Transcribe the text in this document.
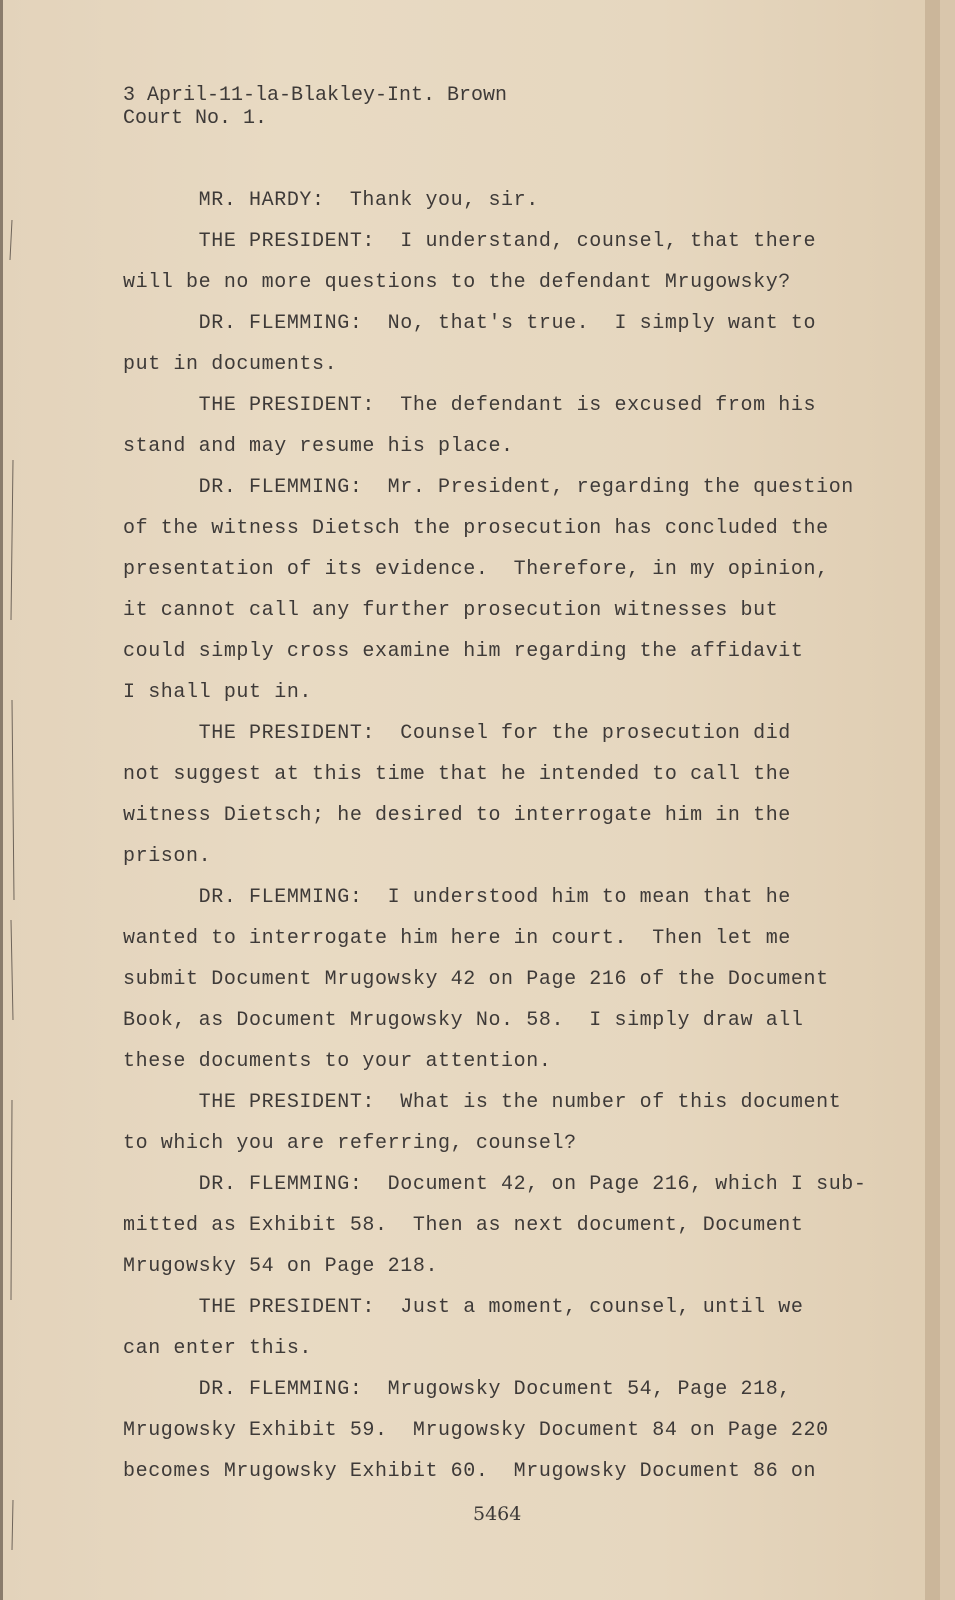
3 April-11-la-Blakley-Int. Brown
Court No. 1.
MR. HARDY:  Thank you, sir.
THE PRESIDENT:  I understand, counsel, that there
will be no more questions to the defendant Mrugowsky?
DR. FLEMMING:  No, that's true.  I simply want to
put in documents.
THE PRESIDENT:  The defendant is excused from his
stand and may resume his place.
DR. FLEMMING:  Mr. President, regarding the question
of the witness Dietsch the prosecution has concluded the
presentation of its evidence.  Therefore, in my opinion,
it cannot call any further prosecution witnesses but
could simply cross examine him regarding the affidavit
I shall put in.
THE PRESIDENT:  Counsel for the prosecution did
not suggest at this time that he intended to call the
witness Dietsch; he desired to interrogate him in the
prison.
DR. FLEMMING:  I understood him to mean that he
wanted to interrogate him here in court.  Then let me
submit Document Mrugowsky 42 on Page 216 of the Document
Book, as Document Mrugowsky No. 58.  I simply draw all
these documents to your attention.
THE PRESIDENT:  What is the number of this document
to which you are referring, counsel?
DR. FLEMMING:  Document 42, on Page 216, which I sub-
mitted as Exhibit 58.  Then as next document, Document
Mrugowsky 54 on Page 218.
THE PRESIDENT:  Just a moment, counsel, until we
can enter this.
DR. FLEMMING:  Mrugowsky Document 54, Page 218,
Mrugowsky Exhibit 59.  Mrugowsky Document 84 on Page 220
becomes Mrugowsky Exhibit 60.  Mrugowsky Document 86 on
5464
